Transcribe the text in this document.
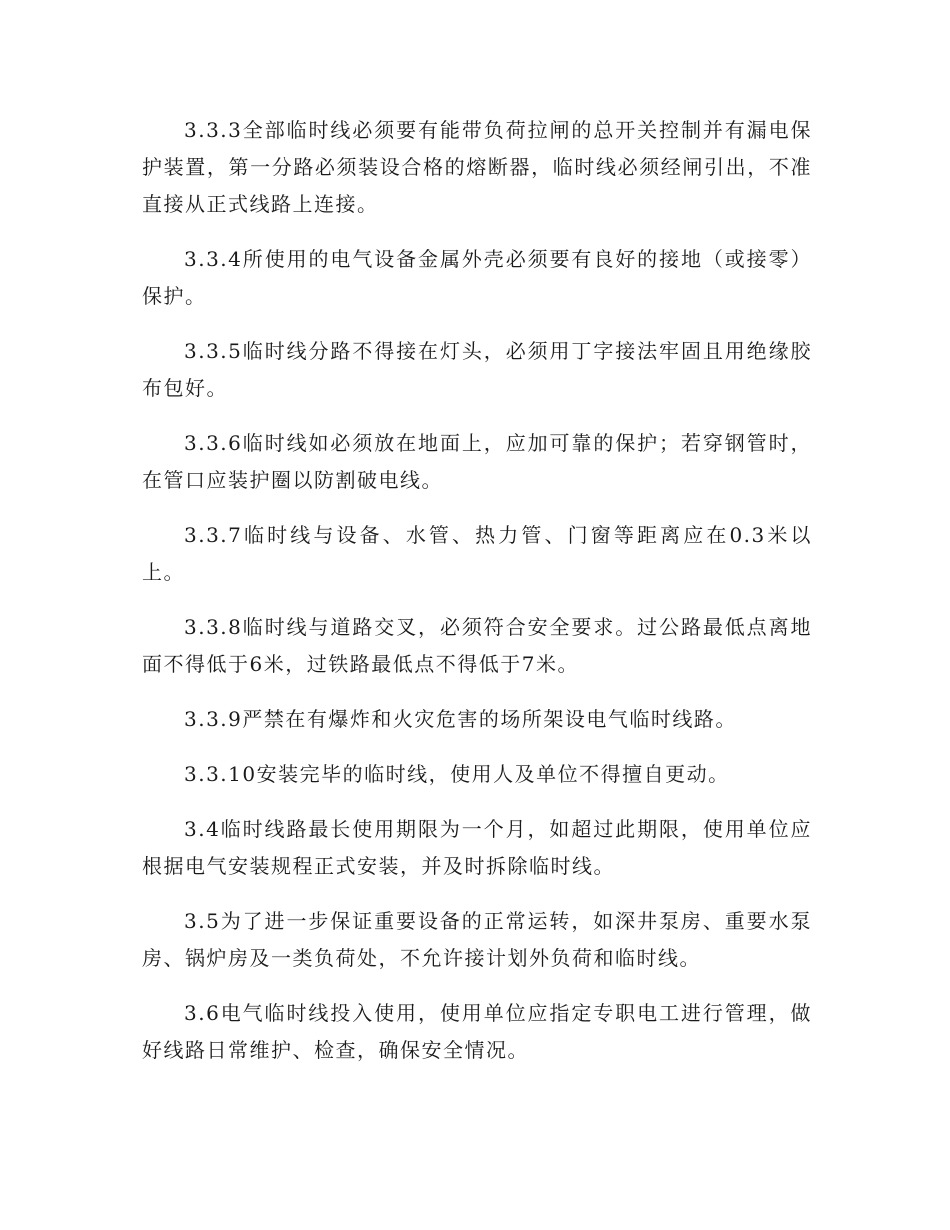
3.3.3全部临时线必须要有能带负荷拉闸的总开关控制并有漏电保护装置，第一分路必须装设合格的熔断器，临时线必须经闸引出，不准直接从正式线路上连接。

3.3.4所使用的电气设备金属外壳必须要有良好的接地（或接零）保护。

3.3.5临时线分路不得接在灯头，必须用丁字接法牢固且用绝缘胶布包好。

3.3.6临时线如必须放在地面上，应加可靠的保护；若穿钢管时，在管口应装护圈以防割破电线。

3.3.7临时线与设备、水管、热力管、门窗等距离应在0.3米以上。

3.3.8临时线与道路交叉，必须符合安全要求。过公路最低点离地面不得低于6米，过铁路最低点不得低于7米。

3.3.9严禁在有爆炸和火灾危害的场所架设电气临时线路。

3.3.10安装完毕的临时线，使用人及单位不得擅自更动。

3.4临时线路最长使用期限为一个月，如超过此期限，使用单位应根据电气安装规程正式安装，并及时拆除临时线。

3.5为了进一步保证重要设备的正常运转，如深井泵房、重要水泵房、锅炉房及一类负荷处，不允许接计划外负荷和临时线。

3.6电气临时线投入使用，使用单位应指定专职电工进行管理，做好线路日常维护、检查，确保安全情况。
